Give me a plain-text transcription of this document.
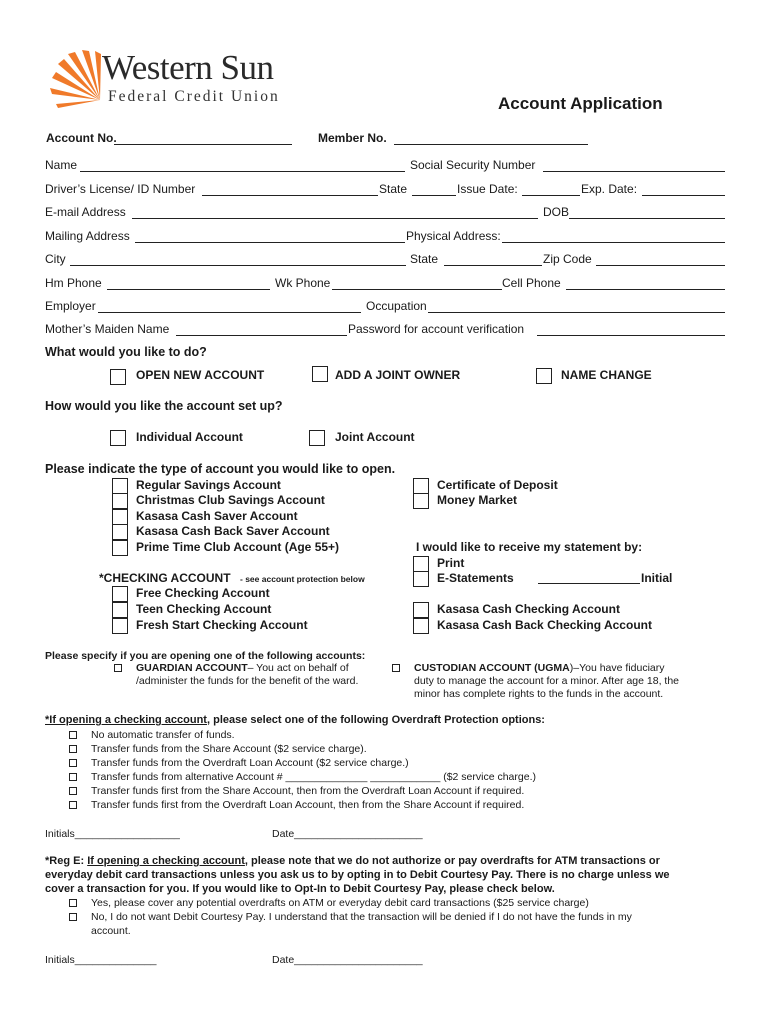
Western Sun
Federal Credit Union	Account Application
Account No.	Member No.
Name	Social Security Number
Driver’s License/ ID Number	State	Issue Date:	Exp. Date:
E-mail Address	DOB
Mailing Address	Physical Address:
City	State	Zip Code
Hm Phone	Wk Phone	Cell Phone
Employer	Occupation
Mother’s Maiden Name	Password for account verification
What would you like to do?
OPEN NEW ACCOUNT	ADD A JOINT OWNER	NAME CHANGE
How would you like the account set up?
Individual Account	Joint Account
Please indicate the type of account you would like to open.
Regular Savings Account
Christmas Club Savings Account
Kasasa Cash Saver Account
Kasasa Cash Back Saver Account
Prime Time Club Account (Age 55+)
Certificate of Deposit
Money Market
I would like to receive my statement by:
Print
E-Statements	Initial
*CHECKING ACCOUNT - see account protection below
Free Checking Account
Teen Checking Account
Fresh Start Checking Account
Kasasa Cash Checking Account
Kasasa Cash Back Checking Account
Please specify if you are opening one of the following accounts:
GUARDIAN ACCOUNT– You act on behalf of
/administer the funds for the benefit of the ward.
CUSTODIAN ACCOUNT (UGMA)–You have fiduciary
duty to manage the account for a minor. After age 18, the
minor has complete rights to the funds in the account.
*If opening a checking account, please select one of the following Overdraft Protection options:
No automatic transfer of funds.
Transfer funds from the Share Account ($2 service charge).
Transfer funds from the Overdraft Loan Account ($2 service charge.)
Transfer funds from alternative Account # ______________ ____________ ($2 service charge.)
Transfer funds first from the Share Account, then from the Overdraft Loan Account if required.
Transfer funds first from the Overdraft Loan Account, then from the Share Account if required.
Initials__________________	Date______________________
*Reg E: If opening a checking account, please note that we do not authorize or pay overdrafts for ATM transactions or
everyday debit card transactions unless you ask us to by opting in to Debit Courtesy Pay. There is no charge unless we
cover a transaction for you. If you would like to Opt-In to Debit Courtesy Pay, please check below.
Yes, please cover any potential overdrafts on ATM or everyday debit card transactions ($25 service charge)
No, I do not want Debit Courtesy Pay. I understand that the transaction will be denied if I do not have the funds in my
account.
Initials______________	Date______________________
